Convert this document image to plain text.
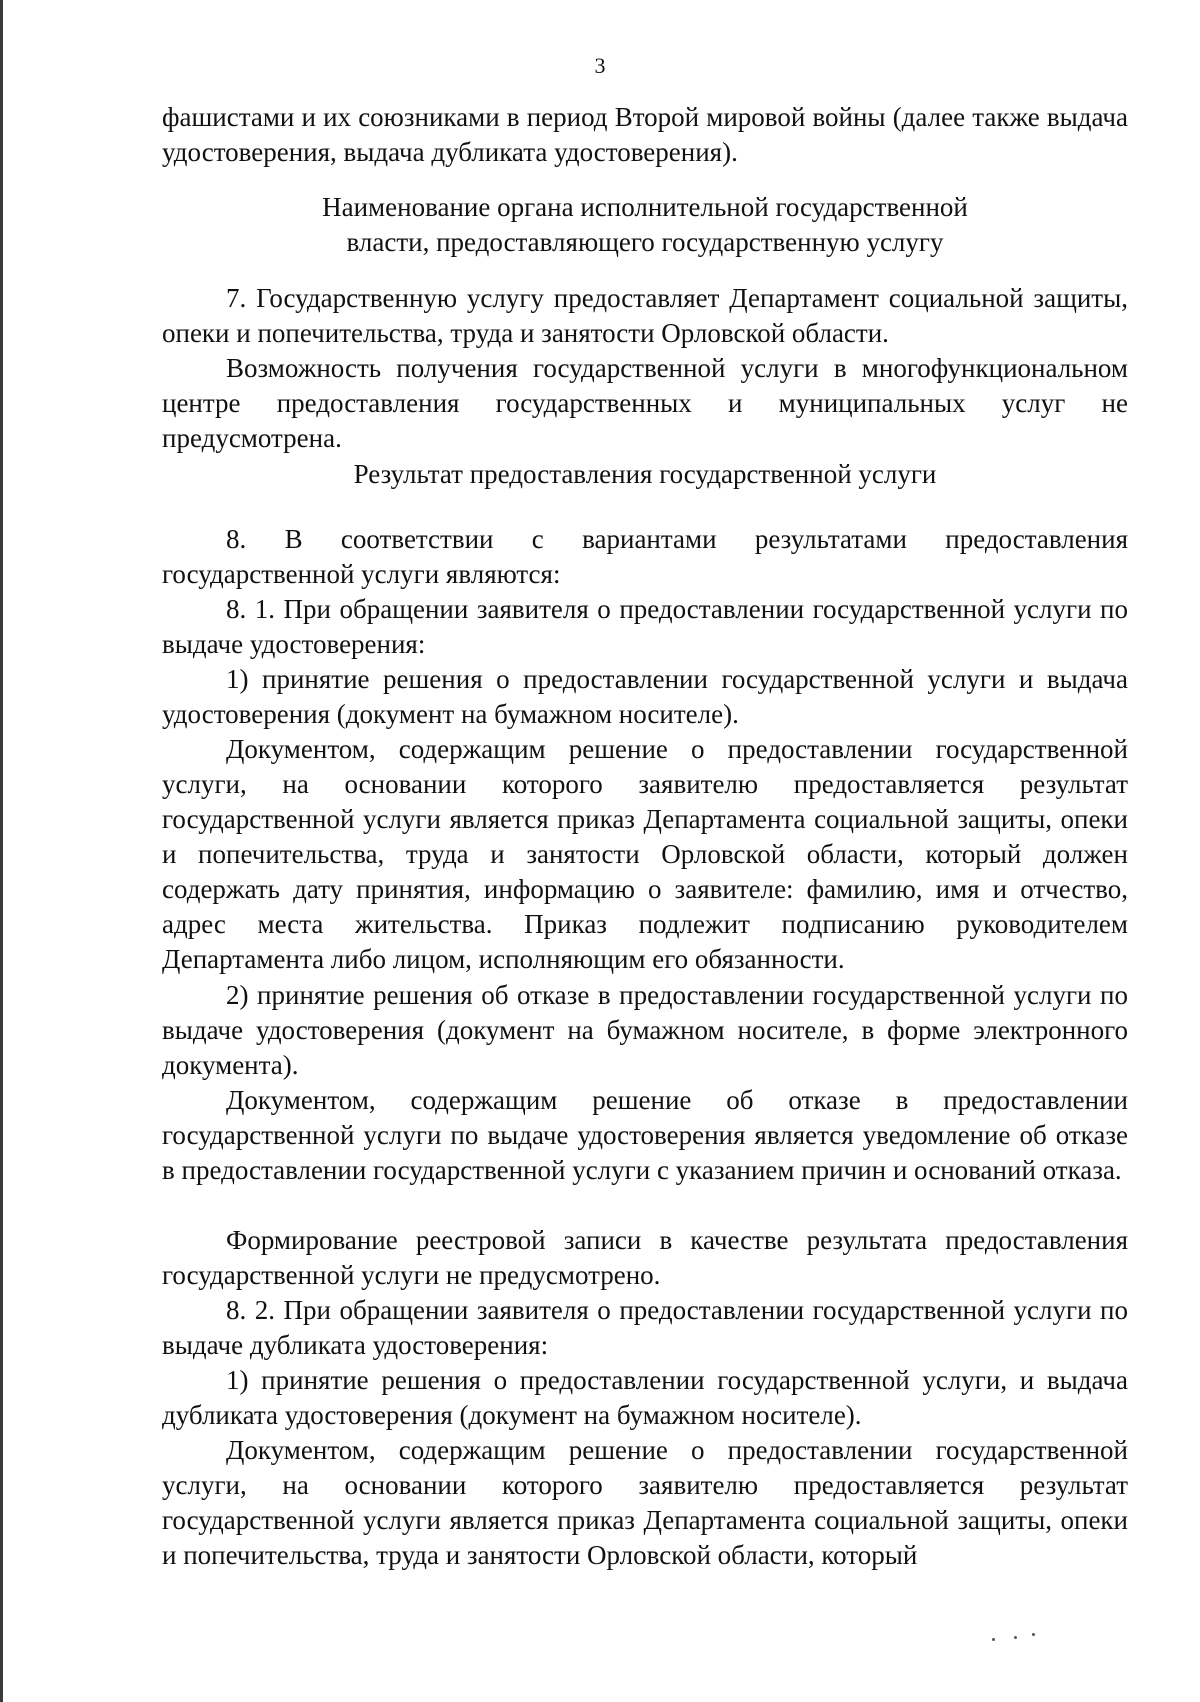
3

фашистами и их союзниками в период Второй мировой войны (далее также выдача удостоверения, выдача дубликата удостоверения).

Наименование органа исполнительной государственной
власти, предоставляющего государственную услугу

7. Государственную услугу предоставляет Департамент социальной защиты, опеки и попечительства, труда и занятости Орловской области.

Возможность получения государственной услуги в многофункциональном центре предоставления государственных и муниципальных услуг не предусмотрена.

Результат предоставления государственной услуги

8. В соответствии с вариантами результатами предоставления государственной услуги являются:

8. 1. При обращении заявителя о предоставлении государственной услуги по выдаче удостоверения:

1) принятие решения о предоставлении государственной услуги и выдача удостоверения (документ на бумажном носителе).

Документом, содержащим решение о предоставлении государственной услуги, на основании которого заявителю предоставляется результат государственной услуги является приказ Департамента социальной защиты, опеки и попечительства, труда и занятости Орловской области, который должен содержать дату принятия, информацию о заявителе: фамилию, имя и отчество, адрес места жительства. Приказ подлежит подписанию руководителем Департамента либо лицом, исполняющим его обязанности.

2) принятие решения об отказе в предоставлении государственной услуги по выдаче удостоверения (документ на бумажном носителе, в форме электронного документа).

Документом, содержащим решение об отказе в предоставлении государственной услуги по выдаче удостоверения является уведомление об отказе в предоставлении государственной услуги с указанием причин и оснований отказа.

Формирование реестровой записи в качестве результата предоставления государственной услуги не предусмотрено.

8. 2. При обращении заявителя о предоставлении государственной услуги по выдаче дубликата удостоверения:

1) принятие решения о предоставлении государственной услуги, и выдача дубликата удостоверения (документ на бумажном носителе).

Документом, содержащим решение о предоставлении государственной услуги, на основании которого заявителю предоставляется результат государственной услуги является приказ Департамента социальной защиты, опеки и попечительства, труда и занятости Орловской области, который
